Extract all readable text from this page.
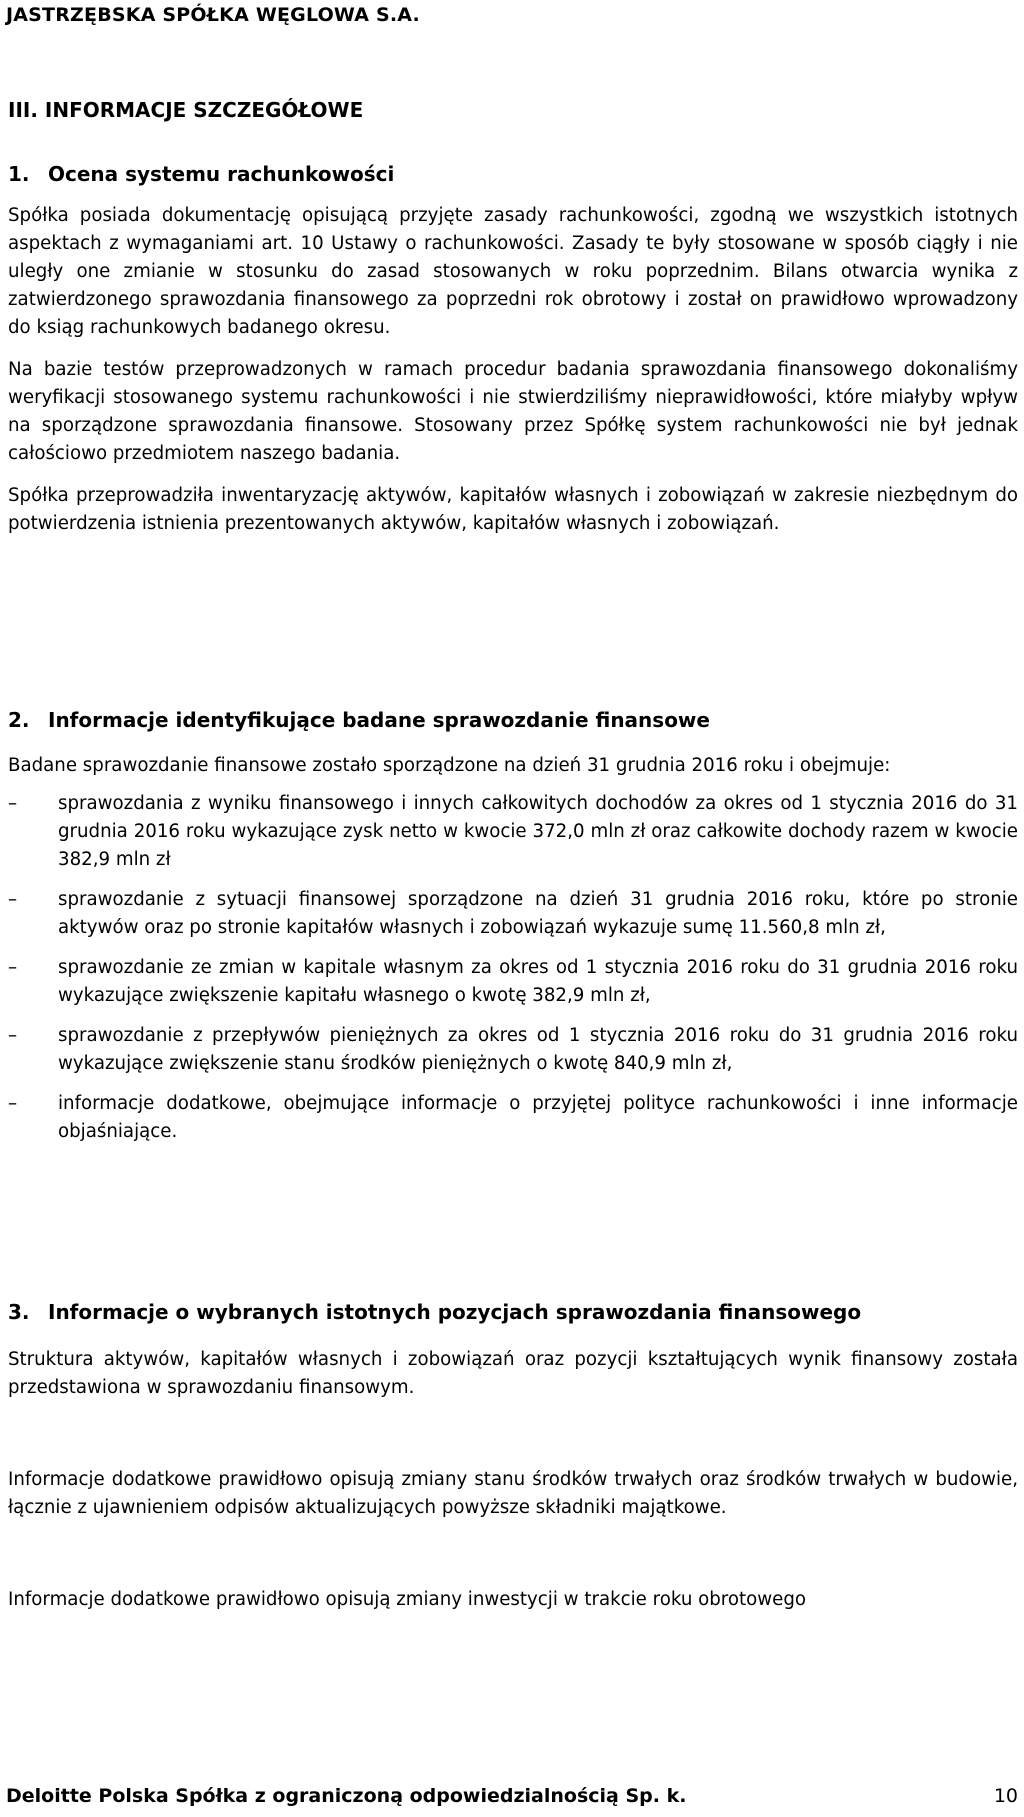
JASTRZĘBSKA SPÓŁKA WĘGLOWA S.A.
III. INFORMACJE SZCZEGÓŁOWE
1. Ocena systemu rachunkowości

Spółka posiada dokumentację opisującą przyjęte zasady rachunkowości, zgodną we wszystkich istotnych aspektach z wymaganiami art. 10 Ustawy o rachunkowości. Zasady te były stosowane w sposób ciągły i nie uległy one zmianie w stosunku do zasad stosowanych w roku poprzednim. Bilans otwarcia wynika z zatwierdzonego sprawozdania finansowego za poprzedni rok obrotowy i został on prawidłowo wprowadzony do ksiąg rachunkowych badanego okresu.

Na bazie testów przeprowadzonych w ramach procedur badania sprawozdania finansowego dokonaliśmy weryfikacji stosowanego systemu rachunkowości i nie stwierdziliśmy nieprawidłowości, które miałyby wpływ na sporządzone sprawozdania finansowe. Stosowany przez Spółkę system rachunkowości nie był jednak całościowo przedmiotem naszego badania.

Spółka przeprowadziła inwentaryzację aktywów, kapitałów własnych i zobowiązań w zakresie niezbędnym do potwierdzenia istnienia prezentowanych aktywów, kapitałów własnych i zobowiązań.

2. Informacje identyfikujące badane sprawozdanie finansowe

Badane sprawozdanie finansowe zostało sporządzone na dzień 31 grudnia 2016 roku i obejmuje:

– sprawozdania z wyniku finansowego i innych całkowitych dochodów za okres od 1 stycznia 2016 do 31 grudnia 2016 roku wykazujące zysk netto w kwocie 372,0 mln zł oraz całkowite dochody razem w kwocie 382,9 mln zł
– sprawozdanie z sytuacji finansowej sporządzone na dzień 31 grudnia 2016 roku, które po stronie aktywów oraz po stronie kapitałów własnych i zobowiązań wykazuje sumę 11.560,8 mln zł,
– sprawozdanie ze zmian w kapitale własnym za okres od 1 stycznia 2016 roku do 31 grudnia 2016 roku wykazujące zwiększenie kapitału własnego o kwotę 382,9 mln zł,
– sprawozdanie z przepływów pieniężnych za okres od 1 stycznia 2016 roku do 31 grudnia 2016 roku wykazujące zwiększenie stanu środków pieniężnych o kwotę 840,9 mln zł,
– informacje dodatkowe, obejmujące informacje o przyjętej polityce rachunkowości i inne informacje objaśniające.
3. Informacje o wybranych istotnych pozycjach sprawozdania finansowego

Struktura aktywów, kapitałów własnych i zobowiązań oraz pozycji kształtujących wynik finansowy została przedstawiona w sprawozdaniu finansowym.

Informacje dodatkowe prawidłowo opisują zmiany stanu środków trwałych oraz środków trwałych w budowie, łącznie z ujawnieniem odpisów aktualizujących powyższe składniki majątkowe.

Informacje dodatkowe prawidłowo opisują zmiany inwestycji w trakcie roku obrotowego

Deloitte Polska Spółka z ograniczoną odpowiedzialnością Sp. k.	10
